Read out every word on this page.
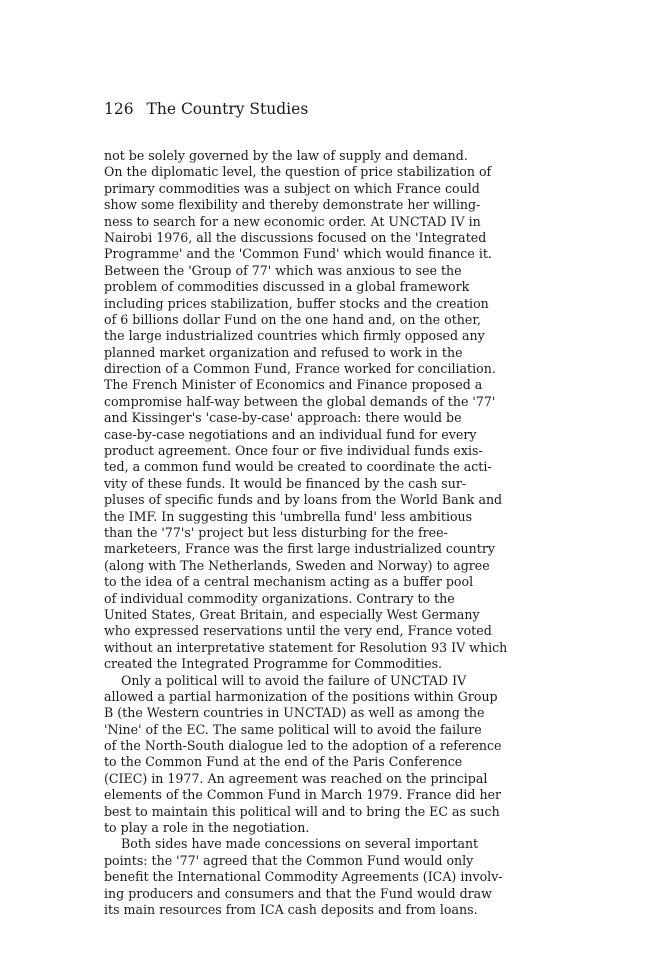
126 The Country Studies
not be solely governed by the law of supply and demand.
On the diplomatic level, the question of price stabilization of
primary commodities was a subject on which France could
show some flexibility and thereby demonstrate her willing-
ness to search for a new economic order. At UNCTAD IV in
Nairobi 1976, all the discussions focused on the 'Integrated
Programme' and the 'Common Fund' which would finance it.
Between the 'Group of 77' which was anxious to see the
problem of commodities discussed in a global framework
including prices stabilization, buffer stocks and the creation
of 6 billions dollar Fund on the one hand and, on the other,
the large industrialized countries which firmly opposed any
planned market organization and refused to work in the
direction of a Common Fund, France worked for conciliation.
The French Minister of Economics and Finance proposed a
compromise half-way between the global demands of the '77'
and Kissinger's 'case-by-case' approach: there would be
case-by-case negotiations and an individual fund for every
product agreement. Once four or five individual funds exis-
ted, a common fund would be created to coordinate the acti-
vity of these funds. It would be financed by the cash sur-
pluses of specific funds and by loans from the World Bank and
the IMF. In suggesting this 'umbrella fund' less ambitious
than the '77's' project but less disturbing for the free-
marketeers, France was the first large industrialized country
(along with The Netherlands, Sweden and Norway) to agree
to the idea of a central mechanism acting as a buffer pool
of individual commodity organizations. Contrary to the
United States, Great Britain, and especially West Germany
who expressed reservations until the very end, France voted
without an interpretative statement for Resolution 93 IV which
created the Integrated Programme for Commodities.
Only a political will to avoid the failure of UNCTAD IV
allowed a partial harmonization of the positions within Group
B (the Western countries in UNCTAD) as well as among the
'Nine' of the EC. The same political will to avoid the failure
of the North-South dialogue led to the adoption of a reference
to the Common Fund at the end of the Paris Conference
(CIEC) in 1977. An agreement was reached on the principal
elements of the Common Fund in March 1979. France did her
best to maintain this political will and to bring the EC as such
to play a role in the negotiation.
Both sides have made concessions on several important
points: the '77' agreed that the Common Fund would only
benefit the International Commodity Agreements (ICA) involv-
ing producers and consumers and that the Fund would draw
its main resources from ICA cash deposits and from loans.
